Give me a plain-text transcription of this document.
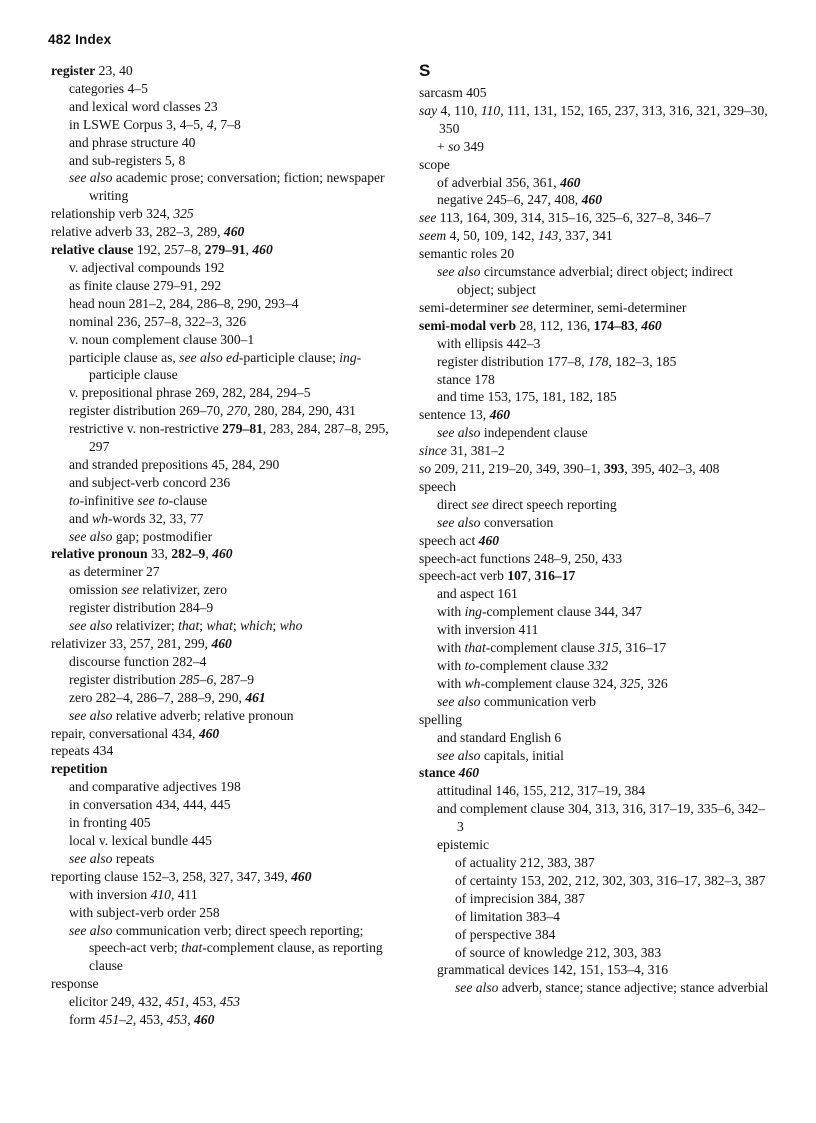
482 Index
register 23, 40
categories 4–5
and lexical word classes 23
in LSWE Corpus 3, 4–5, 4, 7–8
and phrase structure 40
and sub-registers 5, 8
see also academic prose; conversation; fiction; newspaper writing
relationship verb 324, 325
relative adverb 33, 282–3, 289, 460
relative clause 192, 257–8, 279–91, 460
v. adjectival compounds 192
as finite clause 279–91, 292
head noun 281–2, 284, 286–8, 290, 293–4
nominal 236, 257–8, 322–3, 326
v. noun complement clause 300–1
participle clause as, see also ed-participle clause; ing-participle clause
v. prepositional phrase 269, 282, 284, 294–5
register distribution 269–70, 270, 280, 284, 290, 431
restrictive v. non-restrictive 279–81, 283, 284, 287–8, 295, 297
and stranded prepositions 45, 284, 290
and subject-verb concord 236
to-infinitive see to-clause
and wh-words 32, 33, 77
see also gap; postmodifier
relative pronoun 33, 282–9, 460
as determiner 27
omission see relativizer, zero
register distribution 284–9
see also relativizer; that; what; which; who
relativizer 33, 257, 281, 299, 460
discourse function 282–4
register distribution 285–6, 287–9
zero 282–4, 286–7, 288–9, 290, 461
see also relative adverb; relative pronoun
repair, conversational 434, 460
repeats 434
repetition
and comparative adjectives 198
in conversation 434, 444, 445
in fronting 405
local v. lexical bundle 445
see also repeats
reporting clause 152–3, 258, 327, 347, 349, 460
with inversion 410, 411
with subject-verb order 258
see also communication verb; direct speech reporting; speech-act verb; that-complement clause, as reporting clause
response
elicitor 249, 432, 451, 453, 453
form 451–2, 453, 453, 460
S
sarcasm 405
say 4, 110, 110, 111, 131, 152, 165, 237, 313, 316, 321, 329–30, 350
+ so 349
scope
of adverbial 356, 361, 460
negative 245–6, 247, 408, 460
see 113, 164, 309, 314, 315–16, 325–6, 327–8, 346–7
seem 4, 50, 109, 142, 143, 337, 341
semantic roles 20
see also circumstance adverbial; direct object; indirect object; subject
semi-determiner see determiner, semi-determiner
semi-modal verb 28, 112, 136, 174–83, 460
with ellipsis 442–3
register distribution 177–8, 178, 182–3, 185
stance 178
and time 153, 175, 181, 182, 185
sentence 13, 460
see also independent clause
since 31, 381–2
so 209, 211, 219–20, 349, 390–1, 393, 395, 402–3, 408
speech
direct see direct speech reporting
see also conversation
speech act 460
speech-act functions 248–9, 250, 433
speech-act verb 107, 316–17
and aspect 161
with ing-complement clause 344, 347
with inversion 411
with that-complement clause 315, 316–17
with to-complement clause 332
with wh-complement clause 324, 325, 326
see also communication verb
spelling
and standard English 6
see also capitals, initial
stance 460
attitudinal 146, 155, 212, 317–19, 384
and complement clause 304, 313, 316, 317–19, 335–6, 342–3
epistemic
of actuality 212, 383, 387
of certainty 153, 202, 212, 302, 303, 316–17, 382–3, 387
of imprecision 384, 387
of limitation 383–4
of perspective 384
of source of knowledge 212, 303, 383
grammatical devices 142, 151, 153–4, 316
see also adverb, stance; stance adjective; stance adverbial
